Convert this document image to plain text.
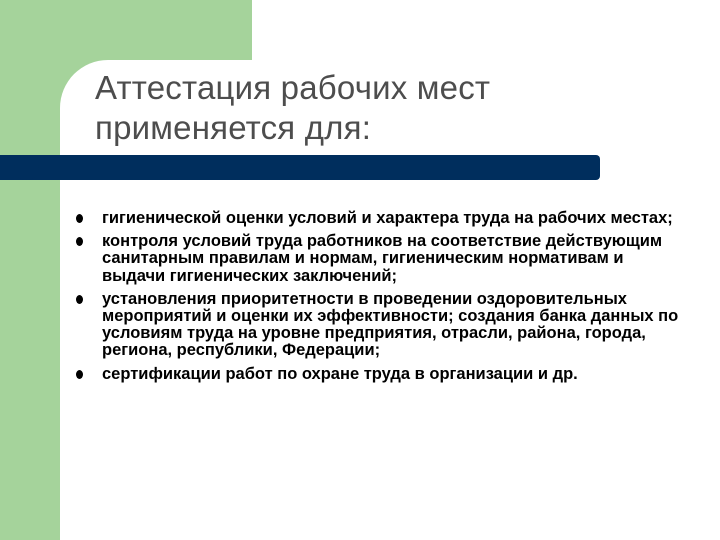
Аттестация рабочих мест
применяется для:
гигиенической оценки условий и характера труда на рабочих местах;
контроля условий труда работников на соответствие действующим санитарным правилам и нормам, гигиеническим нормативам и выдачи гигиенических заключений;
установления приоритетности в проведении оздоровительных мероприятий и оценки их эффективности; создания банка данных по условиям труда на уровне предприятия, отрасли, района, города, региона, республики, Федерации;
сертификации работ по охране труда в организации и др.
